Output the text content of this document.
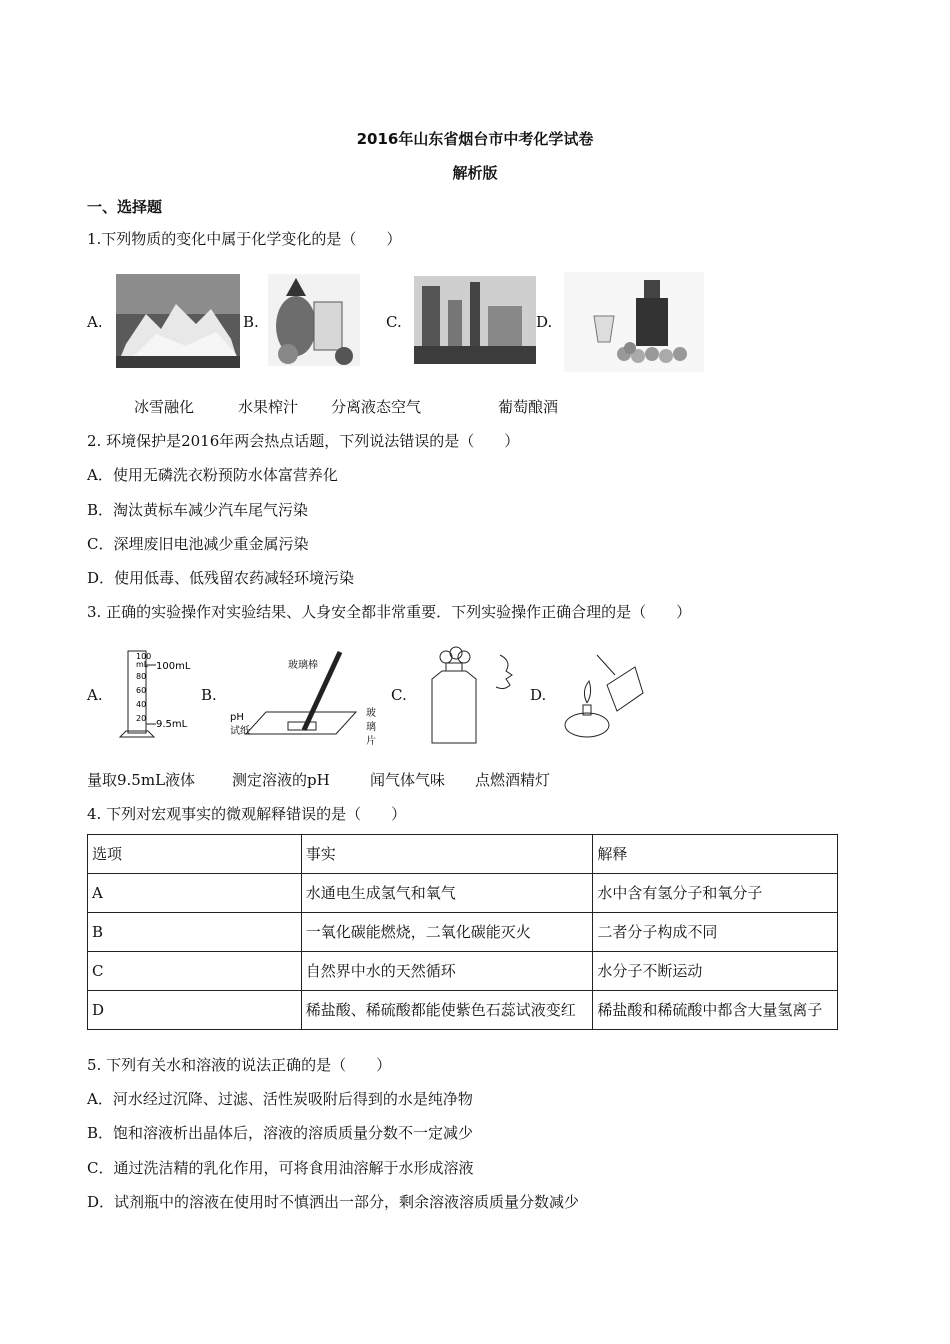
2016年山东省烟台市中考化学试卷
解析版
一、选择题
1.下列物质的变化中属于化学变化的是（　　）
A.	B.	C.	D.
冰雪融化	水果榨汁 分离液态空气	葡萄酿酒
2. 环境保护是2016年两会热点话题，下列说法错误的是（　　）
A．使用无磷洗衣粉预防水体富营养化
B．淘汰黄标车减少汽车尾气污染
C．深埋废旧电池减少重金属污染
D．使用低毒、低残留农药减轻环境污染
3. 正确的实验操作对实验结果、人身安全都非常重要．下列实验操作正确合理的是（　　）
A.
100
mL
80
60
40
20
100mL
9.5mL
B.
玻璃棒
pH
试纸
玻
璃
片
C.	D.
量取9.5mL液体 测定溶液的pH	闻气体气味 点燃酒精灯
4. 下列对宏观事实的微观解释错误的是（　　）
选项	事实	解释
A	水通电生成氢气和氧气	水中含有氢分子和氧分子
B	一氧化碳能燃烧，二氧化碳能灭火	二者分子构成不同
C	自然界中水的天然循环	水分子不断运动
D	稀盐酸、稀硫酸都能使紫色石蕊试液变红	稀盐酸和稀硫酸中都含大量氢离子
5. 下列有关水和溶液的说法正确的是（　　）
A．河水经过沉降、过滤、活性炭吸附后得到的水是纯净物
B．饱和溶液析出晶体后，溶液的溶质质量分数不一定减少
C．通过洗洁精的乳化作用，可将食用油溶解于水形成溶液
D．试剂瓶中的溶液在使用时不慎洒出一部分，剩余溶液溶质质量分数减少
